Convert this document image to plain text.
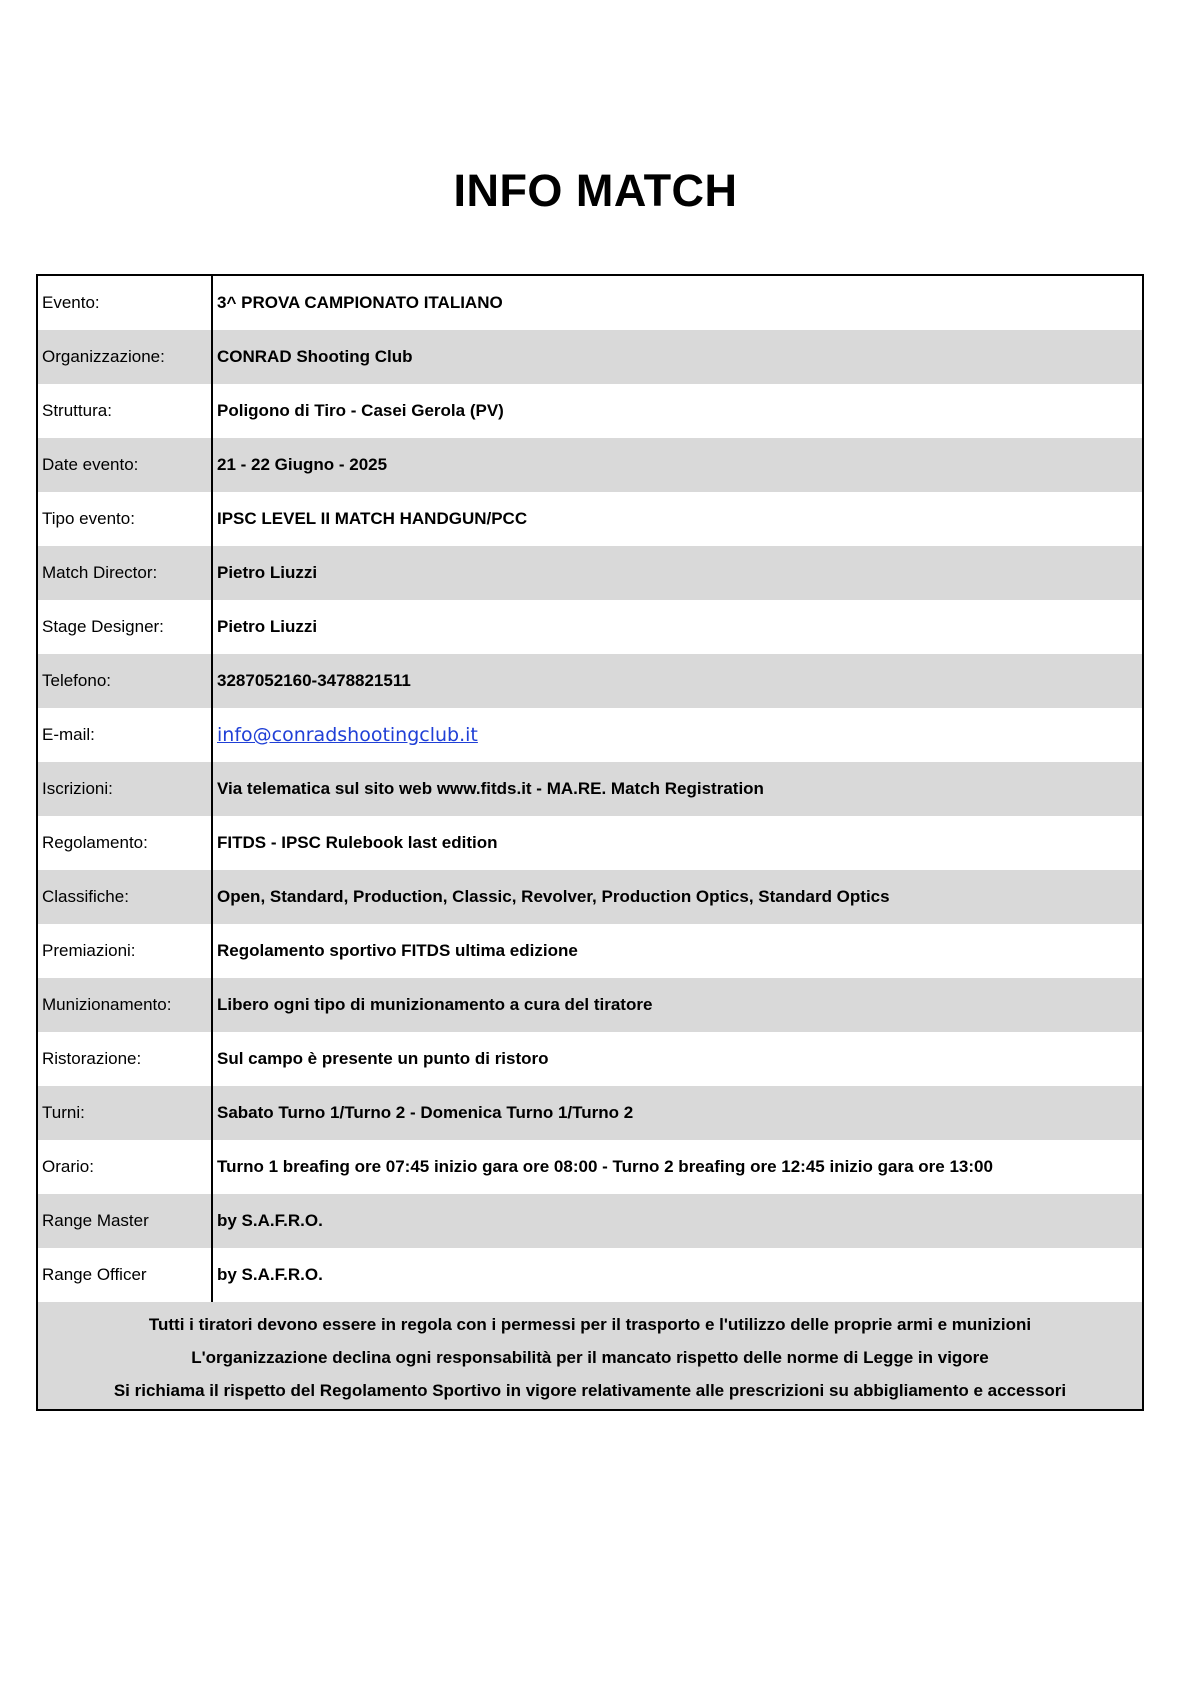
INFO MATCH
Evento:	3^ PROVA CAMPIONATO ITALIANO
Organizzazione:	CONRAD Shooting Club
Struttura:	Poligono di Tiro - Casei Gerola (PV)
Date evento:	21 - 22 Giugno - 2025
Tipo evento:	IPSC LEVEL II MATCH HANDGUN/PCC
Match Director:	Pietro Liuzzi
Stage Designer:	Pietro Liuzzi
Telefono:	3287052160-3478821511
E-mail:	info@conradshootingclub.it
Iscrizioni:	Via telematica sul sito web www.fitds.it - MA.RE. Match Registration
Regolamento:	FITDS - IPSC Rulebook last edition
Classifiche:	Open, Standard, Production, Classic, Revolver, Production Optics, Standard Optics
Premiazioni:	Regolamento sportivo FITDS ultima edizione
Munizionamento:	Libero ogni tipo di munizionamento a cura del tiratore
Ristorazione:	Sul campo è presente un punto di ristoro
Turni:	Sabato Turno 1/Turno 2 - Domenica Turno 1/Turno 2
Orario:	Turno 1 breafing ore 07:45 inizio gara ore 08:00 - Turno 2 breafing ore 12:45 inizio gara ore 13:00
Range Master	by S.A.F.R.O.
Range Officer	by S.A.F.R.O.
Tutti i tiratori devono essere in regola con i permessi per il trasporto e l'utilizzo delle proprie armi e munizioni
L'organizzazione declina ogni responsabilità per il mancato rispetto delle norme di Legge in vigore
Si richiama il rispetto del Regolamento Sportivo in vigore relativamente alle prescrizioni su abbigliamento e accessori
